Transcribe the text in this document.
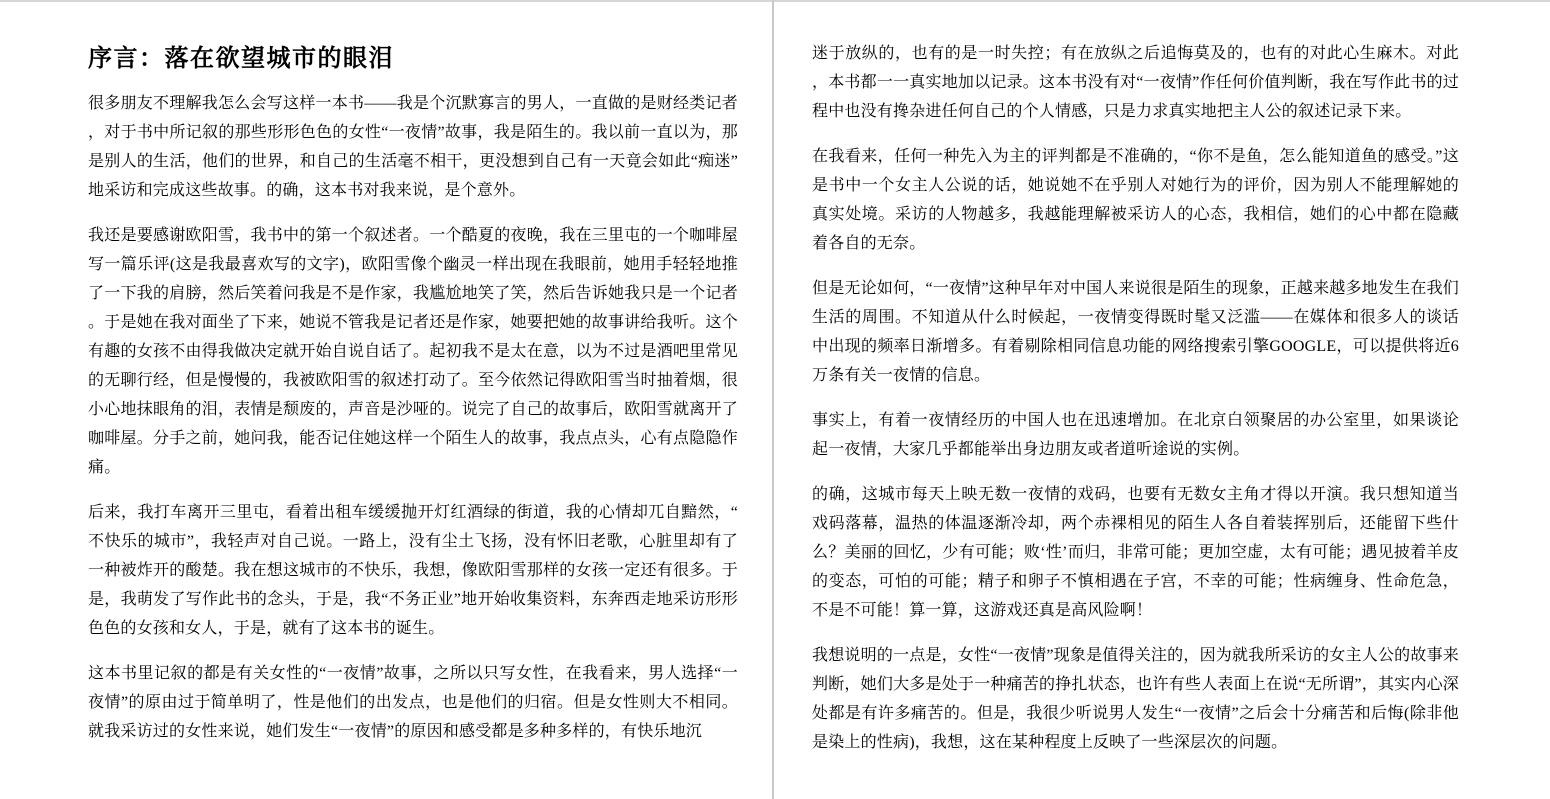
序言：落在欲望城市的眼泪

很多朋友不理解我怎么会写这样一本书——我是个沉默寡言的男人，一直做的是财经类记者，对于书中所记叙的那些形形色色的女性“一夜情”故事，我是陌生的。我以前一直以为，那是别人的生活，他们的世界，和自己的生活毫不相干，更没想到自己有一天竟会如此“痴迷”地采访和完成这些故事。的确，这本书对我来说，是个意外。

我还是要感谢欧阳雪，我书中的第一个叙述者。一个酷夏的夜晚，我在三里屯的一个咖啡屋写一篇乐评(这是我最喜欢写的文字)，欧阳雪像个幽灵一样出现在我眼前，她用手轻轻地推了一下我的肩膀，然后笑着问我是不是作家，我尴尬地笑了笑，然后告诉她我只是一个记者。于是她在我对面坐了下来，她说不管我是记者还是作家，她要把她的故事讲给我听。这个有趣的女孩不由得我做决定就开始自说自话了。起初我不是太在意，以为不过是酒吧里常见的无聊行经，但是慢慢的，我被欧阳雪的叙述打动了。至今依然记得欧阳雪当时抽着烟，很小心地抹眼角的泪，表情是颓废的，声音是沙哑的。说完了自己的故事后，欧阳雪就离开了咖啡屋。分手之前，她问我，能否记住她这样一个陌生人的故事，我点点头，心有点隐隐作痛。

后来，我打车离开三里屯，看着出租车缓缓抛开灯红酒绿的街道，我的心情却兀自黯然，“不快乐的城市”，我轻声对自己说。一路上，没有尘土飞扬，没有怀旧老歌，心脏里却有了一种被炸开的酸楚。我在想这城市的不快乐，我想，像欧阳雪那样的女孩一定还有很多。于是，我萌发了写作此书的念头，于是，我“不务正业”地开始收集资料，东奔西走地采访形形色色的女孩和女人，于是，就有了这本书的诞生。

这本书里记叙的都是有关女性的“一夜情”故事，之所以只写女性，在我看来，男人选择“一夜情”的原由过于简单明了，性是他们的出发点，也是他们的归宿。但是女性则大不相同。就我采访过的女性来说，她们发生“一夜情”的原因和感受都是多种多样的，有快乐地沉

迷于放纵的，也有的是一时失控；有在放纵之后追悔莫及的，也有的对此心生麻木。对此，本书都一一真实地加以记录。这本书没有对“一夜情”作任何价值判断，我在写作此书的过程中也没有搀杂进任何自己的个人情感，只是力求真实地把主人公的叙述记录下来。

在我看来，任何一种先入为主的评判都是不准确的，“你不是鱼，怎么能知道鱼的感受。”这是书中一个女主人公说的话，她说她不在乎别人对她行为的评价，因为别人不能理解她的真实处境。采访的人物越多，我越能理解被采访人的心态，我相信，她们的心中都在隐藏着各自的无奈。

但是无论如何，“一夜情”这种早年对中国人来说很是陌生的现象，正越来越多地发生在我们生活的周围。不知道从什么时候起，一夜情变得既时髦又泛滥——在媒体和很多人的谈话中出现的频率日渐增多。有着剔除相同信息功能的网络搜索引擎GOOGLE，可以提供将近6万条有关一夜情的信息。

事实上，有着一夜情经历的中国人也在迅速增加。在北京白领聚居的办公室里，如果谈论起一夜情，大家几乎都能举出身边朋友或者道听途说的实例。

的确，这城市每天上映无数一夜情的戏码，也要有无数女主角才得以开演。我只想知道当戏码落幕，温热的体温逐渐冷却，两个赤裸相见的陌生人各自着装挥别后，还能留下些什么？美丽的回忆，少有可能；败‘性’而归，非常可能；更加空虚，太有可能；遇见披着羊皮的变态，可怕的可能；精子和卵子不慎相遇在子宫，不幸的可能；性病缠身、性命危急，不是不可能！算一算，这游戏还真是高风险啊！

我想说明的一点是，女性“一夜情”现象是值得关注的，因为就我所采访的女主人公的故事来判断，她们大多是处于一种痛苦的挣扎状态，也许有些人表面上在说“无所谓”，其实内心深处都是有许多痛苦的。但是，我很少听说男人发生“一夜情”之后会十分痛苦和后悔(除非他是染上的性病)，我想，这在某种程度上反映了一些深层次的问题。
